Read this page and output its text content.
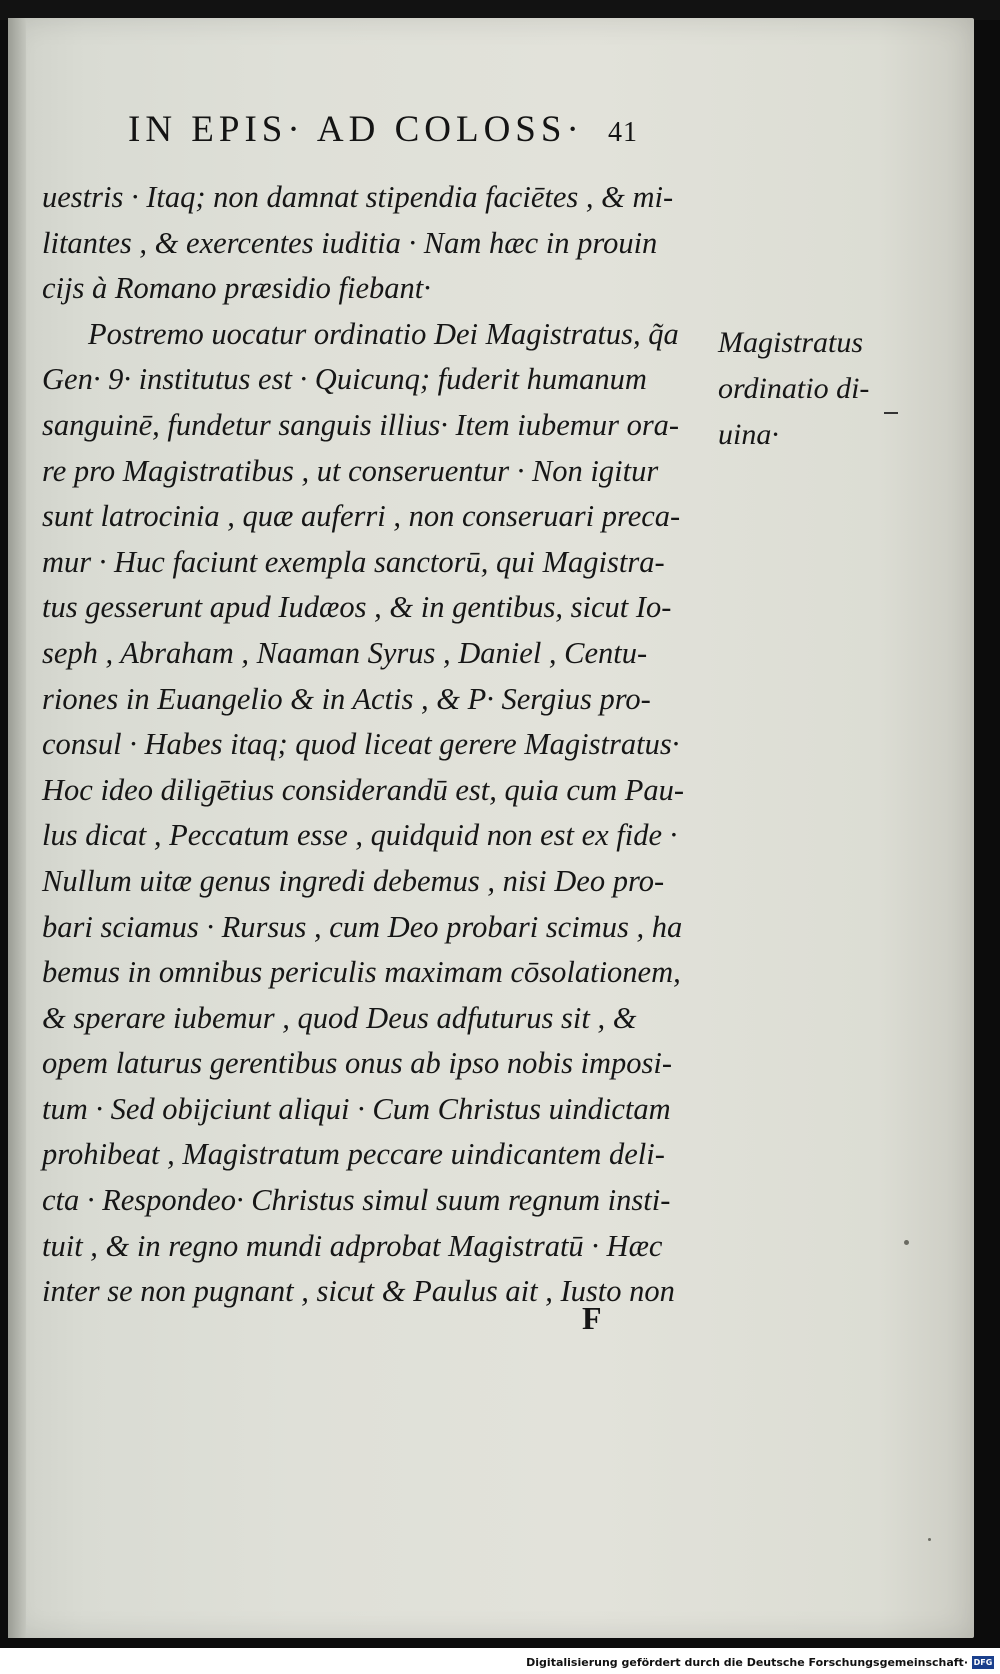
IN EPIS· AD COLOSS· 41
uestris · Itaq; non damnat stipendia faciētes , & mi-
litantes , & exercentes iuditia · Nam hæc in prouin
cijs à Romano præsidio fiebant·
Postremo uocatur ordinatio Dei Magistratus, q̃a
Gen· 9· institutus est · Quicunq; fuderit humanum
sanguinē, fundetur sanguis illius· Item iubemur ora-
re pro Magistratibus , ut conseruentur · Non igitur
sunt latrocinia , quæ auferri , non conseruari preca-
mur · Huc faciunt exempla sanctorū, qui Magistra-
tus gesserunt apud Iudæos , & in gentibus, sicut Io-
seph , Abraham , Naaman Syrus , Daniel , Centu-
riones in Euangelio & in Actis , & P· Sergius pro-
consul · Habes itaq; quod liceat gerere Magistratus·
Hoc ideo diligētius considerandū est, quia cum Pau-
lus dicat , Peccatum esse , quidquid non est ex fide ·
Nullum uitæ genus ingredi debemus , nisi Deo pro-
bari sciamus · Rursus , cum Deo probari scimus , ha
bemus in omnibus periculis maximam cōsolationem,
& sperare iubemur , quod Deus adfuturus sit , &
opem laturus gerentibus onus ab ipso nobis imposi-
tum · Sed obijciunt aliqui · Cum Christus uindictam
prohibeat , Magistratum peccare uindicantem deli-
cta · Respondeo· Christus simul suum regnum insti-
tuit , & in regno mundi adprobat Magistratū · Hæc
inter se non pugnant , sicut & Paulus ait , Iusto non
Magistratus
ordinatio di-
uina·
F
Digitalisierung gefördert durch die Deutsche Forschungsgemeinschaft· DFG
